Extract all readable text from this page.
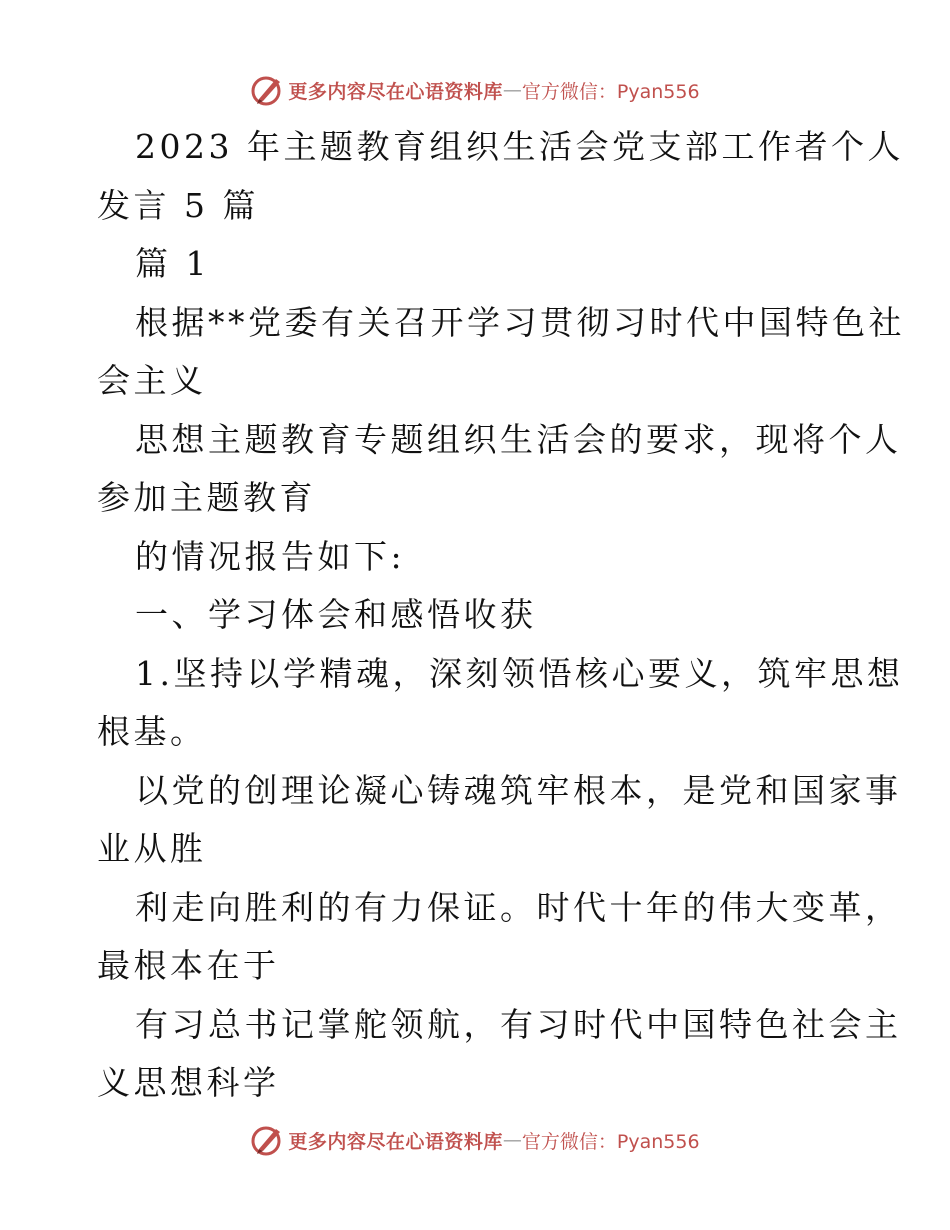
更多内容尽在心语资料库 — 官方微信：Pyan556
2023 年主题教育组织生活会党支部工作者个人
发言 5 篇
篇 1
根据**党委有关召开学习贯彻习时代中国特色社
会主义
思想主题教育专题组织生活会的要求，现将个人
参加主题教育
的情况报告如下:
一、学习体会和感悟收获
1.坚持以学精魂，深刻领悟核心要义，筑牢思想
根基。
以党的创理论凝心铸魂筑牢根本，是党和国家事
业从胜
利走向胜利的有力保证。时代十年的伟大变革，
最根本在于
有习总书记掌舵领航，有习时代中国特色社会主
义思想科学
更多内容尽在心语资料库 — 官方微信：Pyan556
